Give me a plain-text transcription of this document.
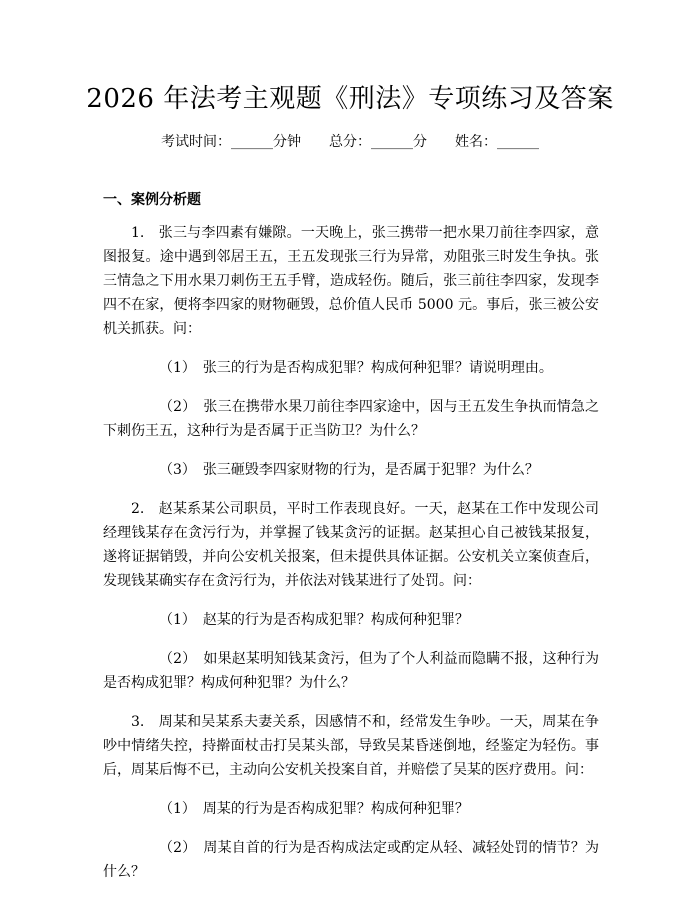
2026 年法考主观题《刑法》专项练习及答案
考试时间：______分钟 总分：______分 姓名：______
一、案例分析题

1.　张三与李四素有嫌隙。一天晚上，张三携带一把水果刀前往李四家，意图报复。途中遇到邻居王五，王五发现张三行为异常，劝阻张三时发生争执。张三情急之下用水果刀刺伤王五手臂，造成轻伤。随后，张三前往李四家，发现李四不在家，便将李四家的财物砸毁，总价值人民币 5000 元。事后，张三被公安机关抓获。问：

（1）　张三的行为是否构成犯罪？构成何种犯罪？请说明理由。

（2）　张三在携带水果刀前往李四家途中，因与王五发生争执而情急之下刺伤王五，这种行为是否属于正当防卫？为什么？

（3）　张三砸毁李四家财物的行为，是否属于犯罪？为什么？

2.　赵某系某公司职员，平时工作表现良好。一天，赵某在工作中发现公司经理钱某存在贪污行为，并掌握了钱某贪污的证据。赵某担心自己被钱某报复，遂将证据销毁，并向公安机关报案，但未提供具体证据。公安机关立案侦查后，发现钱某确实存在贪污行为，并依法对钱某进行了处罚。问：

（1）　赵某的行为是否构成犯罪？构成何种犯罪？

（2）　如果赵某明知钱某贪污，但为了个人利益而隐瞒不报，这种行为是否构成犯罪？构成何种犯罪？为什么？

3.　周某和吴某系夫妻关系，因感情不和，经常发生争吵。一天，周某在争吵中情绪失控，持擀面杖击打吴某头部，导致吴某昏迷倒地，经鉴定为轻伤。事后，周某后悔不已，主动向公安机关投案自首，并赔偿了吴某的医疗费用。问：

（1）　周某的行为是否构成犯罪？构成何种犯罪？

（2）　周某自首的行为是否构成法定或酌定从轻、减轻处罚的情节？为什么？
